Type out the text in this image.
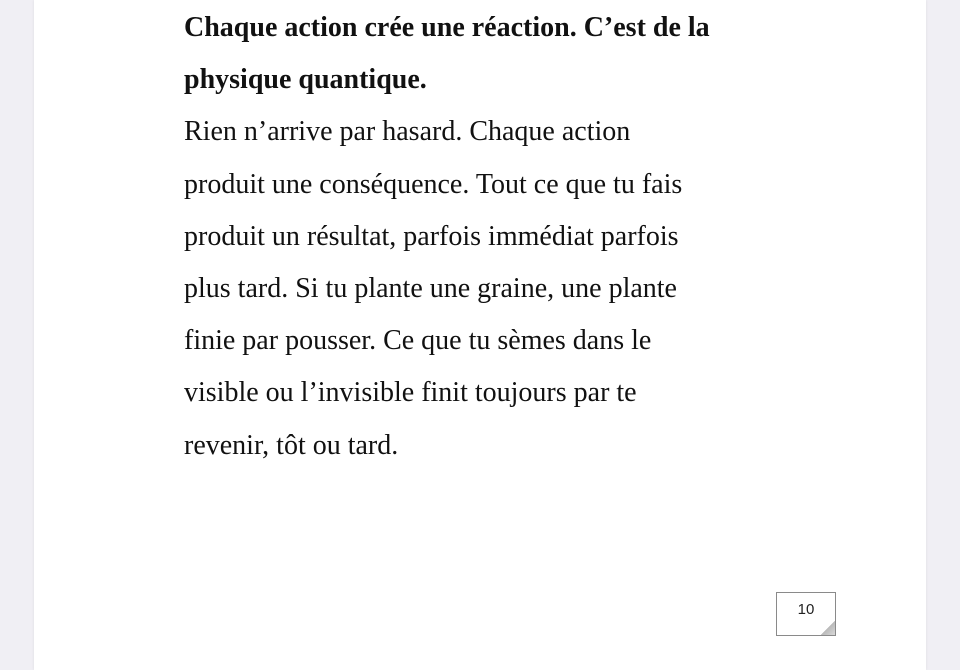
Chaque action crée une réaction. C’est de la
physique quantique.
Rien n’arrive par hasard. Chaque action
produit une conséquence. Tout ce que tu fais
produit un résultat, parfois immédiat parfois
plus tard. Si tu plante une graine, une plante
finie par pousser. Ce que tu sèmes dans le
visible ou l’invisible finit toujours par te
revenir, tôt ou tard.
10
